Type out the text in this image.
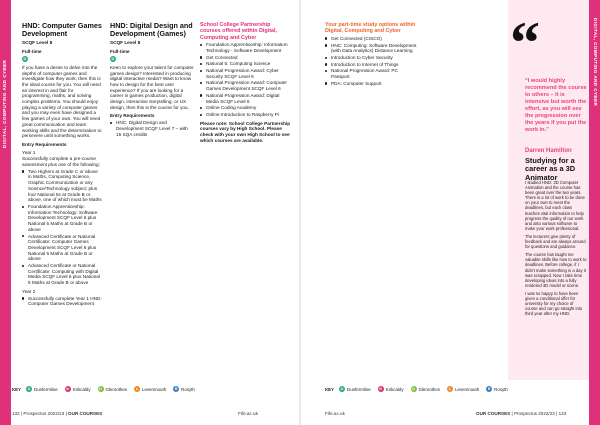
DIGITAL, COMPUTING AND CYBER
HND: Computer Games Development
SCQF Level 8
Full-time
D

If you have a desire to delve into the depths of computer games and investigate how they work, then this is the ideal course for you. You will need an interest in and flair for programming, maths, and solving complex problems. You should enjoy playing a variety of computer games and you may even have designed a few games of your own. You will need great communication and team working skills and the determination to persevere until something works.

Entry Requirements

Year 1
Successfully complete a pre-course assessment plus one of the following:
Two Highers at Grade C or above in Maths, Computing Science, Graphic Communication or any Science/Technology subject; plus four National 5s at Grade B or above, one of which must be Maths
Foundation Apprenticeship: Information Technology: Software Development SCQF Level 6 plus National 5 Maths at Grade B or above
Advanced Certificate or National Certificate: Computer Games Development SCQF Level 6 plus National 5 Maths at Grade B or above
Advanced Certificate or National Certificate: Computing with Digital Media SCQF Level 6 plus National 5 Maths at Grade B or above
Year 2
Successfully complete Year 1 HND: Computer Games Development
HND: Digital Design and Development (Games)
SCQF Level 8
Full-time
D

Keen to explore your talent for computer games design? Interested in producing digital interactive media? Want to know how to design for the best user experience? If you are looking for a career in games production, digital design, interactive storytelling, or UX design, then this is the course for you.

Entry Requirements

HNC: Digital Design and Development SCQF Level 7 – with 15 SQA credits
School College Partnership courses offered within Digital, Computing and Cyber
Foundation Apprenticeship: Information Technology - Software Development
Get Connected
National 5: Computing Science
National Progression Award: Cyber Security SCQF Level 6
National Progression Award: Computer Games Development SCQF Level 6
National Progression Award: Digital Media SCQF Level 6
Online Coding Academy
Online Introduction to Raspberry Pi

Please note: School College Partnership courses vary by High School. Please check with your own High School to see which courses are available.

KEY	D Dunfermline	K Kirkcaldy	G Glenrothes	L Levenmouth	R Rosyth
132 | Prospectus 2022/23 | OUR COURSES	Fife.ac.uk
DIGITAL, COMPUTING AND CYBER
Your part-time study options within Digital, Computing and Cyber
Get Connected (CISCO)
HNC: Computing: Software Development (with Data Analytics) Distance Learning
Introduction to Cyber Security
Introduction to Internet of Things
National Progression Award: PC Passport
PDA: Computer Support
KEY	D Dunfermline	K Kirkcaldy	G Glenrothes	L Levenmouth	R Rosyth
Fife.ac.uk	OUR COURSES | Prospectus 2022/23 | 133
“
“I would highly recommend the course to others – it is intensive but worth the effort, as you will see the progression over the years if you put the work in.”
Darren Hamilton
Studying for a career as a 3D Animator

I studied HND: 3D Computer Animation and the course has been great over the two years. There is a lot of work to be done on your own to meet the deadlines, but each class teaches vital information to help progress the quality of our work and also various software to make your work professional.

The lecturers give plenty of feedback and are always around for questions and guidance.

The course has taught me valuable skills like how to work to deadlines. Before college, if I didn't make something in a day it was scrapped. Now I take time developing ideas into a fully rendered 3D model or scene.

I was so happy to have been given a conditional offer for university for my choice of course and can go straight into third year after my HND.
